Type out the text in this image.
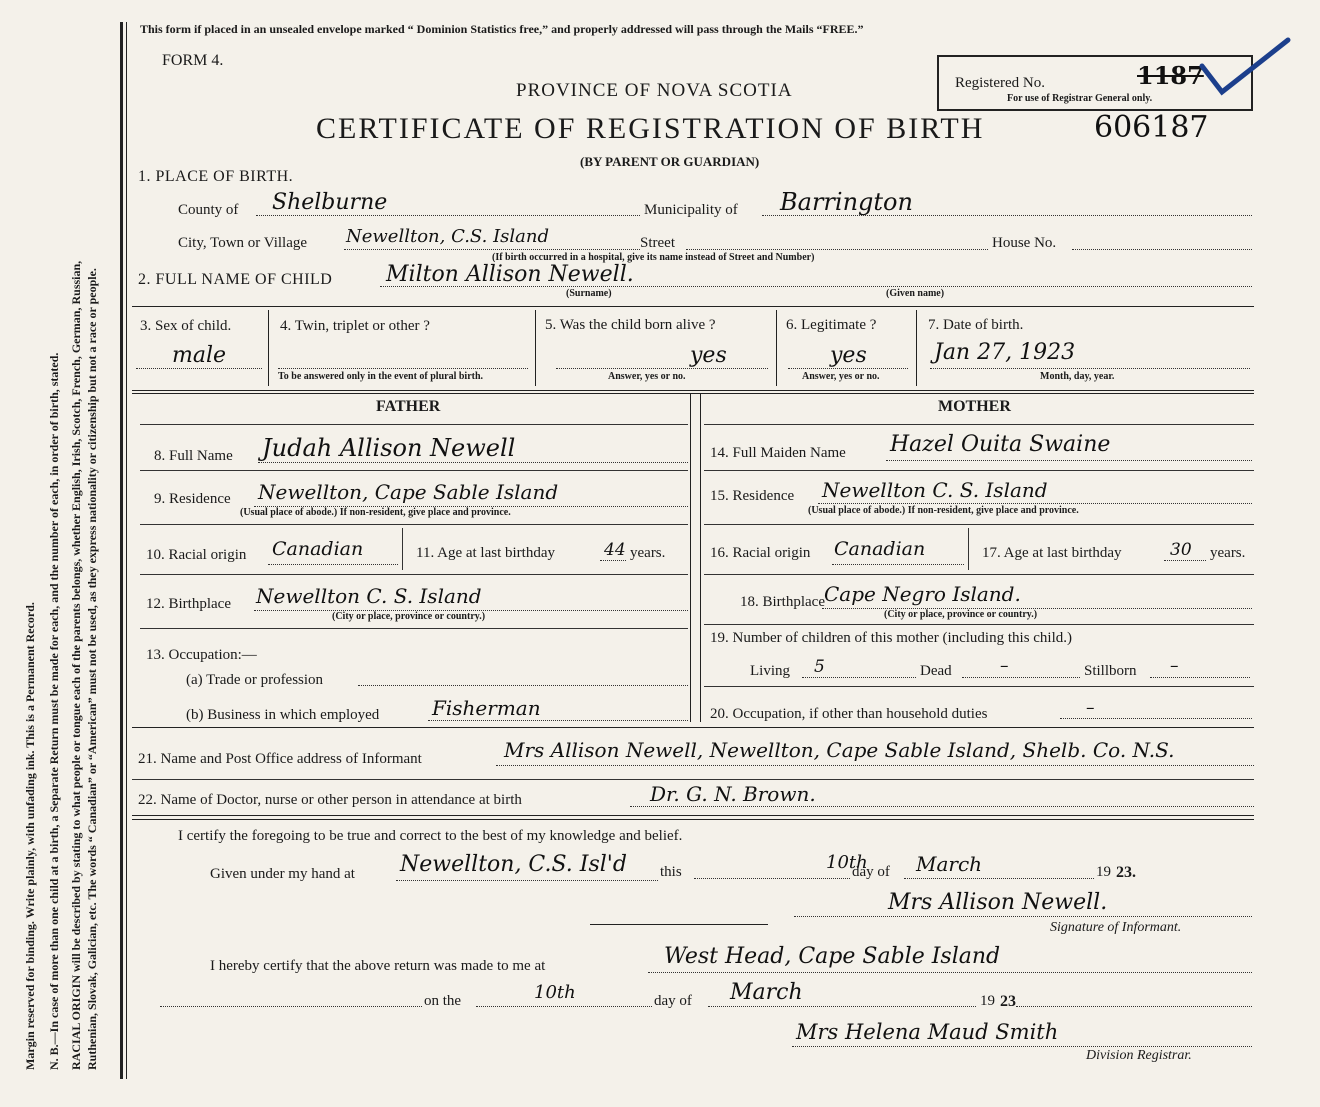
Margin reserved for binding. Write plainly, with unfading ink. This is a Permanent Record. N. B.—In case of more than one child at a birth, a Separate Return must be made for each, and the number of each, in order of birth, stated. RACIAL ORIGIN will be described by stating to what people or tongue each of the parents belongs, whether English, Irish, Scotch, French, German, Russian, Ruthenian, Slovak, Galician, etc. The words “ Canadian” or “American” must not be used, as they express nationality or citizenship but not a race or people.
This form if placed in an unsealed envelope marked “ Dominion Statistics free,” and properly addressed will pass through the Mails “FREE.”
FORM 4.
PROVINCE OF NOVA SCOTIA
CERTIFICATE OF REGISTRATION OF BIRTH	606187
(BY PARENT OR GUARDIAN)
Registered No.	1187
For use of Registrar General only.
1. PLACE OF BIRTH.
County of Shelburne	Municipality of Barrington
City, Town or Village Newellton, C.S. Island	Street	House No.
(If birth occurred in a hospital, give its name instead of Street and Number)
2. FULL NAME OF CHILD Milton Allison Newell.
(Surname)	(Given name)
3. Sex of child.
male
4. Twin, triplet or other ?
To be answered only in the event of plural birth.
5. Was the child born alive ?
yes
Answer, yes or no.
6. Legitimate ?
yes
Answer, yes or no.
7. Date of birth.
Jan 27, 1923
Month, day, year.
FATHER	MOTHER
8. Full Name Judah Allison Newell
9. Residence Newellton, Cape Sable Island
(Usual place of abode.) If non-resident, give place and province.
10. Racial origin Canadian	11. Age at last birthday	44 years.
12. Birthplace Newellton C. S. Island
(City or place, province or country.)
13. Occupation:—
(a) Trade or profession
(b) Business in which employed	Fisherman
14. Full Maiden Name Hazel Ouita Swaine
15. Residence Newellton C. S. Island
(Usual place of abode.) If non-resident, give place and province.
16. Racial origin Canadian	17. Age at last birthday	30 years.
18. Birthplace Cape Negro Island.
(City or place, province or country.)
19. Number of children of this mother (including this child.)
Living 5	Dead	–	Stillborn –
20. Occupation, if other than household duties	–
21. Name and Post Office address of Informant	Mrs Allison Newell, Newellton, Cape Sable Island, Shelb. Co. N.S.
22. Name of Doctor, nurse or other person in attendance at birth	Dr. G. N. Brown.
I certify the foregoing to be true and correct to the best of my knowledge and belief.
Given under my hand at Newellton, C.S. Isl'd this	10th
day of March	19 23.
Mrs Allison Newell.
Signature of Informant.
I hereby certify that the above return was made to me at	West Head, Cape Sable Island
on the	10th	day of March	19 23
Mrs Helena Maud Smith
Division Registrar.
